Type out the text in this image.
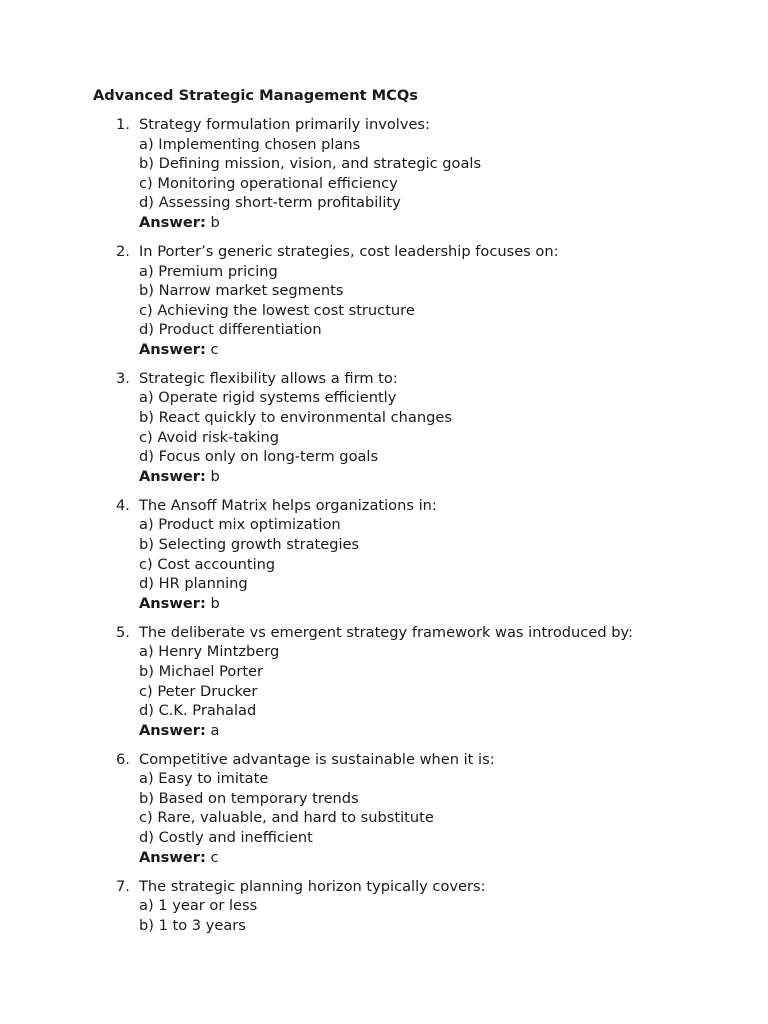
Advanced Strategic Management MCQs
1. Strategy formulation primarily involves:
a) Implementing chosen plans
b) Defining mission, vision, and strategic goals
c) Monitoring operational efficiency
d) Assessing short-term profitability
Answer: b
2. In Porter’s generic strategies, cost leadership focuses on:
a) Premium pricing
b) Narrow market segments
c) Achieving the lowest cost structure
d) Product differentiation
Answer: c
3. Strategic flexibility allows a firm to:
a) Operate rigid systems efficiently
b) React quickly to environmental changes
c) Avoid risk-taking
d) Focus only on long-term goals
Answer: b
4. The Ansoff Matrix helps organizations in:
a) Product mix optimization
b) Selecting growth strategies
c) Cost accounting
d) HR planning
Answer: b
5. The deliberate vs emergent strategy framework was introduced by:
a) Henry Mintzberg
b) Michael Porter
c) Peter Drucker
d) C.K. Prahalad
Answer: a
6. Competitive advantage is sustainable when it is:
a) Easy to imitate
b) Based on temporary trends
c) Rare, valuable, and hard to substitute
d) Costly and inefficient
Answer: c
7. The strategic planning horizon typically covers:
a) 1 year or less
b) 1 to 3 years
